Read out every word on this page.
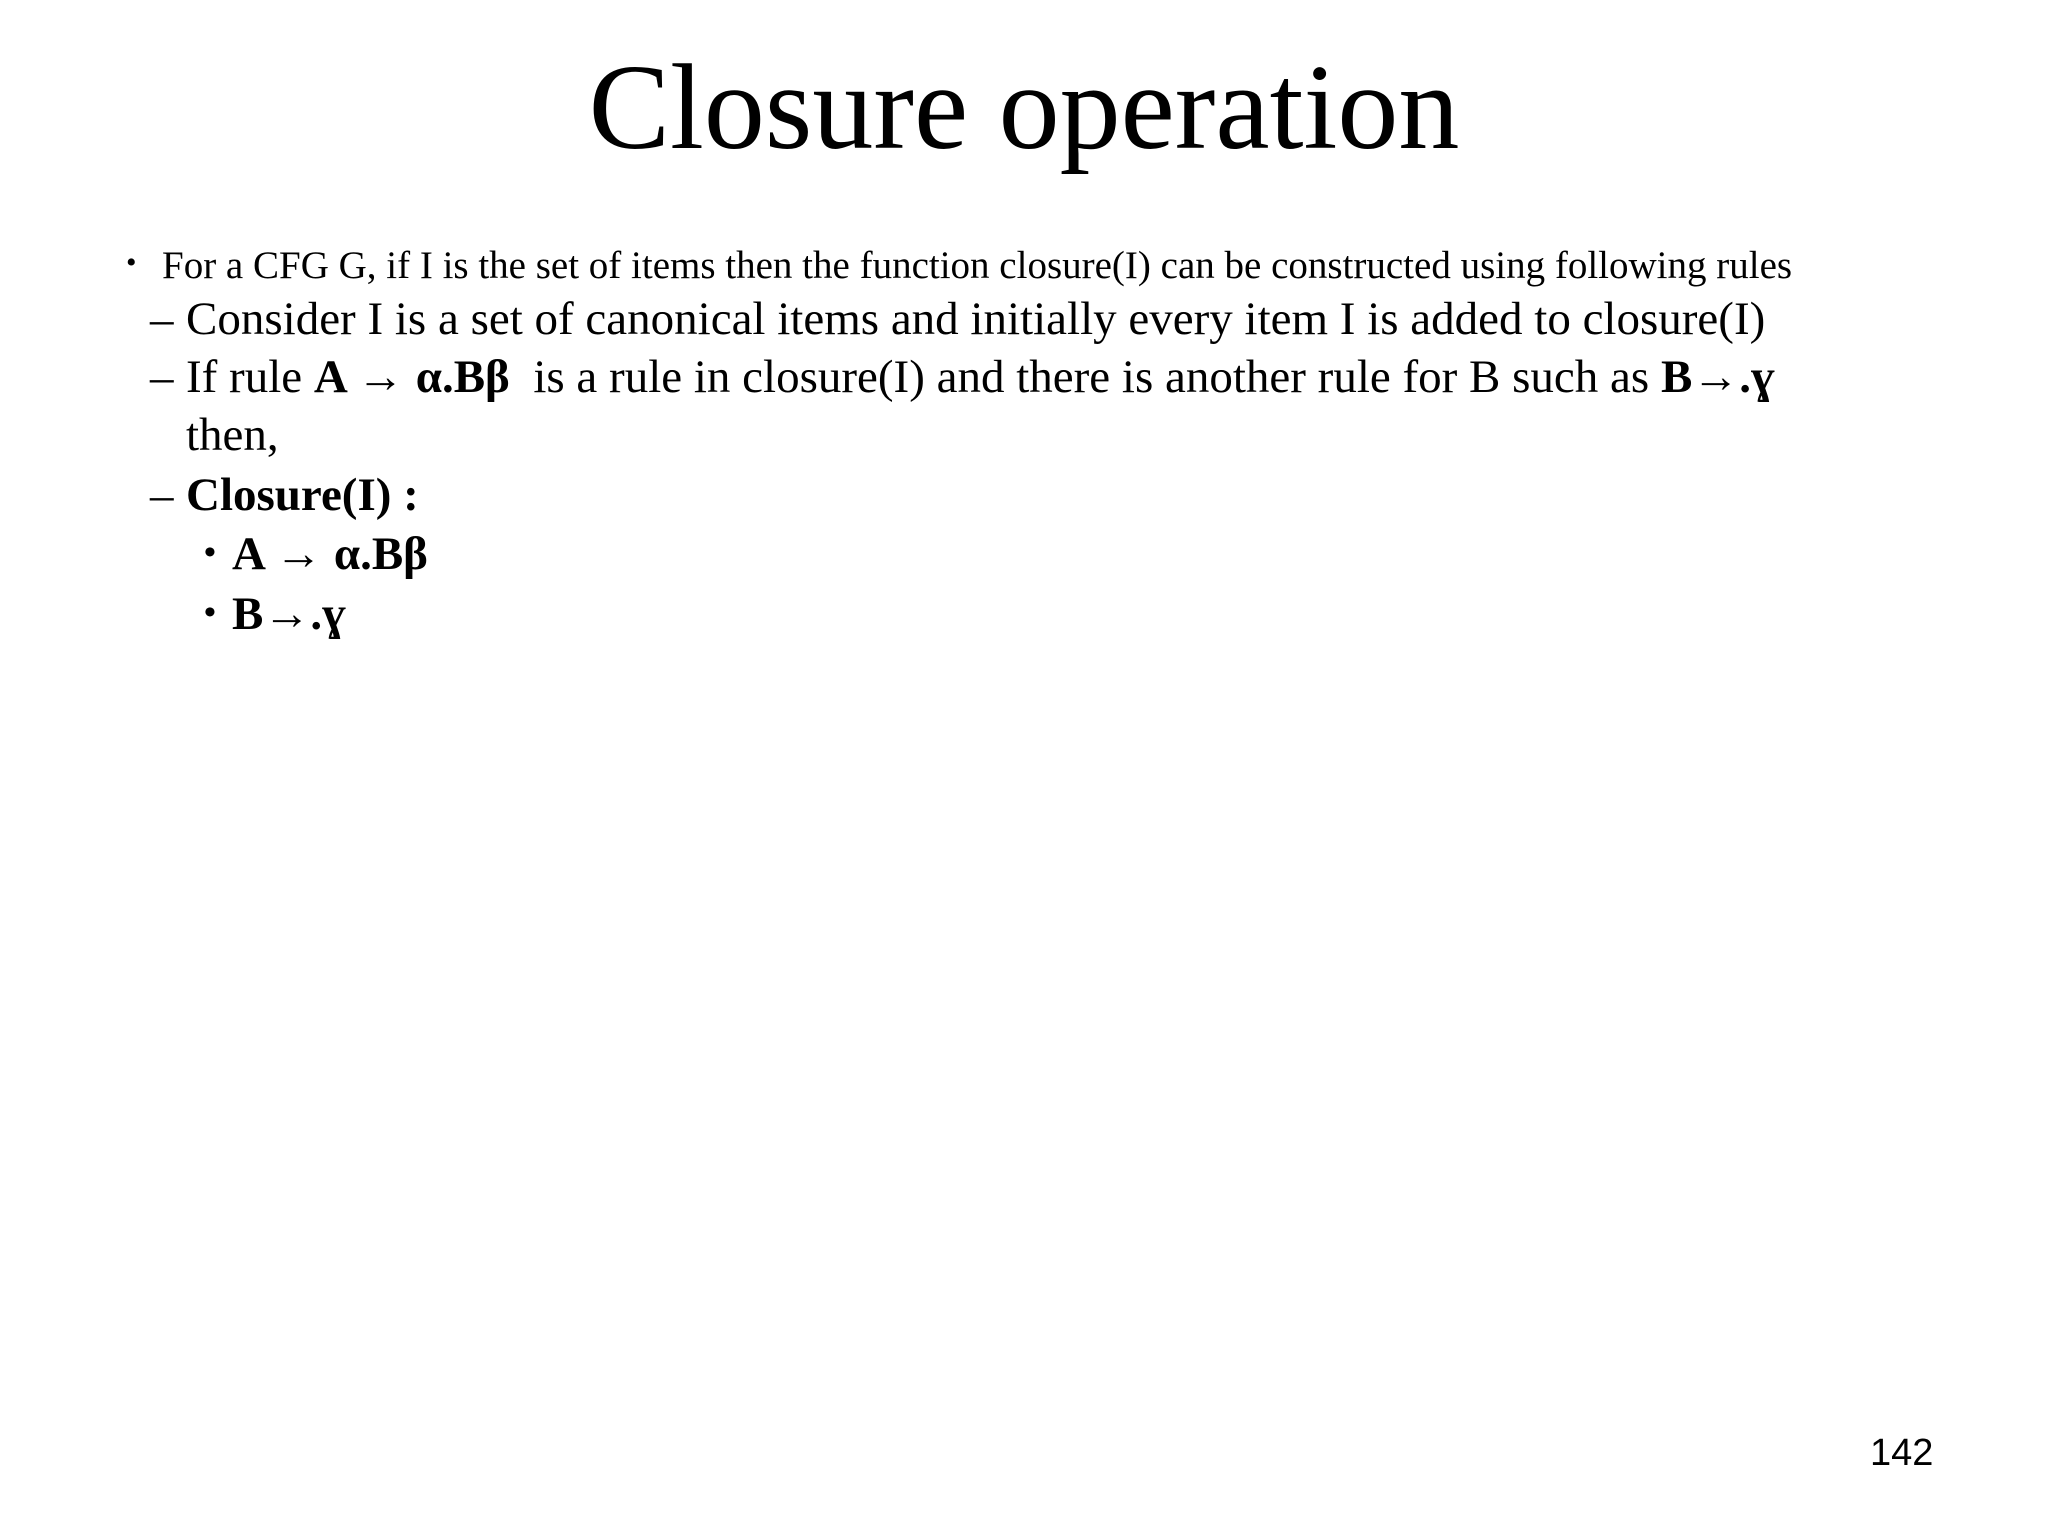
Closure operation
• For a CFG G, if I is the set of items then the function closure(I) can be constructed using following rules
– Consider I is a set of canonical items and initially every item I is added to closure(I)
– If rule A → α.Bβ  is a rule in closure(I) and there is another rule for B such as B→.ɣ
then,
– Closure(I) :
• A → α.Bβ
• B→.ɣ
142
